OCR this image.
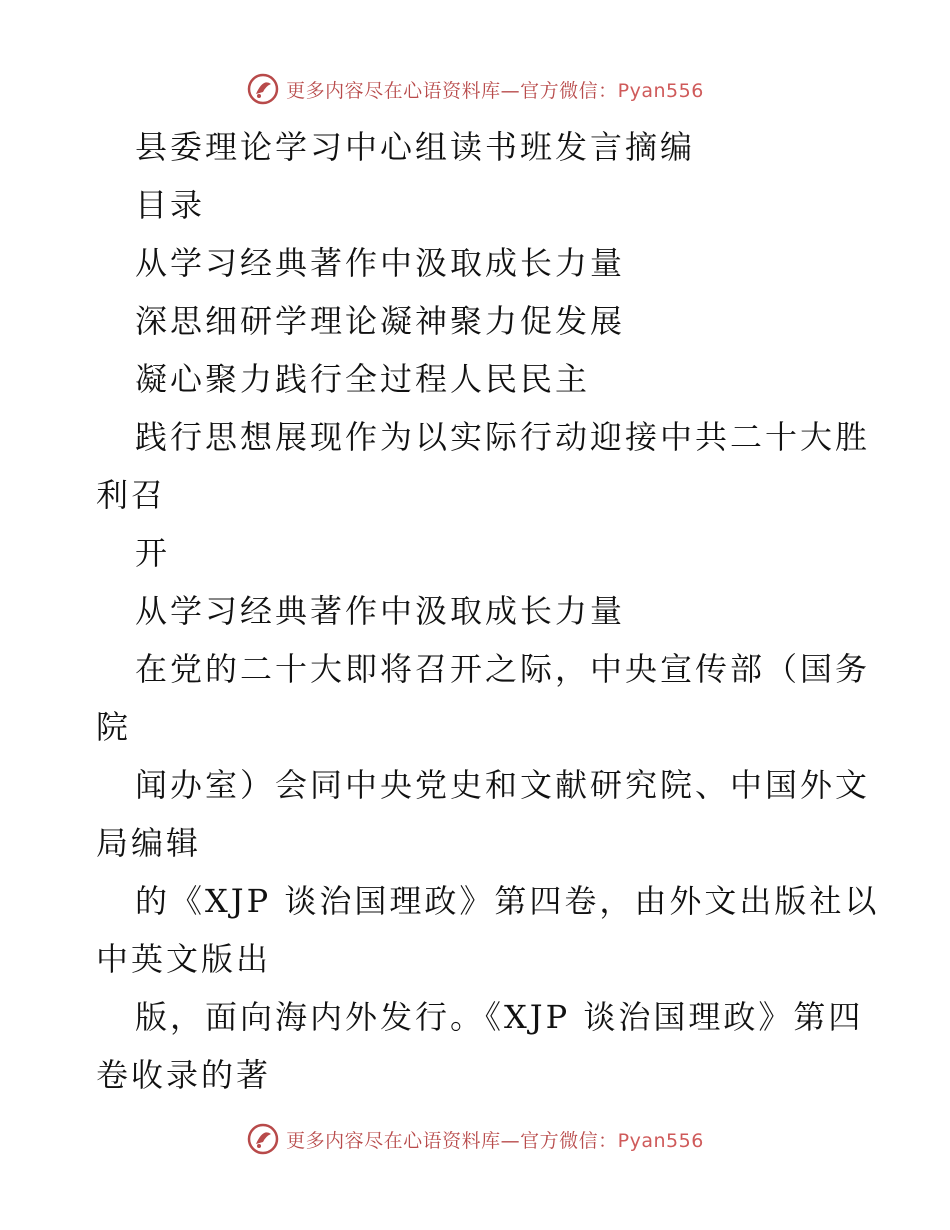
更多内容尽在心语资料库—官方微信：Pyan556
县委理论学习中心组读书班发言摘编
目录
从学习经典著作中汲取成长力量
深思细研学理论凝神聚力促发展
凝心聚力践行全过程人民民主
践行思想展现作为以实际行动迎接中共二十大胜
利召
开
从学习经典著作中汲取成长力量
在党的二十大即将召开之际，中央宣传部（国务
院
闻办室）会同中央党史和文献研究院、中国外文
局编辑
的《XJP 谈治国理政》第四卷，由外文出版社以
中英文版出
版，面向海内外发行。《XJP 谈治国理政》第四
卷收录的著
更多内容尽在心语资料库—官方微信：Pyan556
